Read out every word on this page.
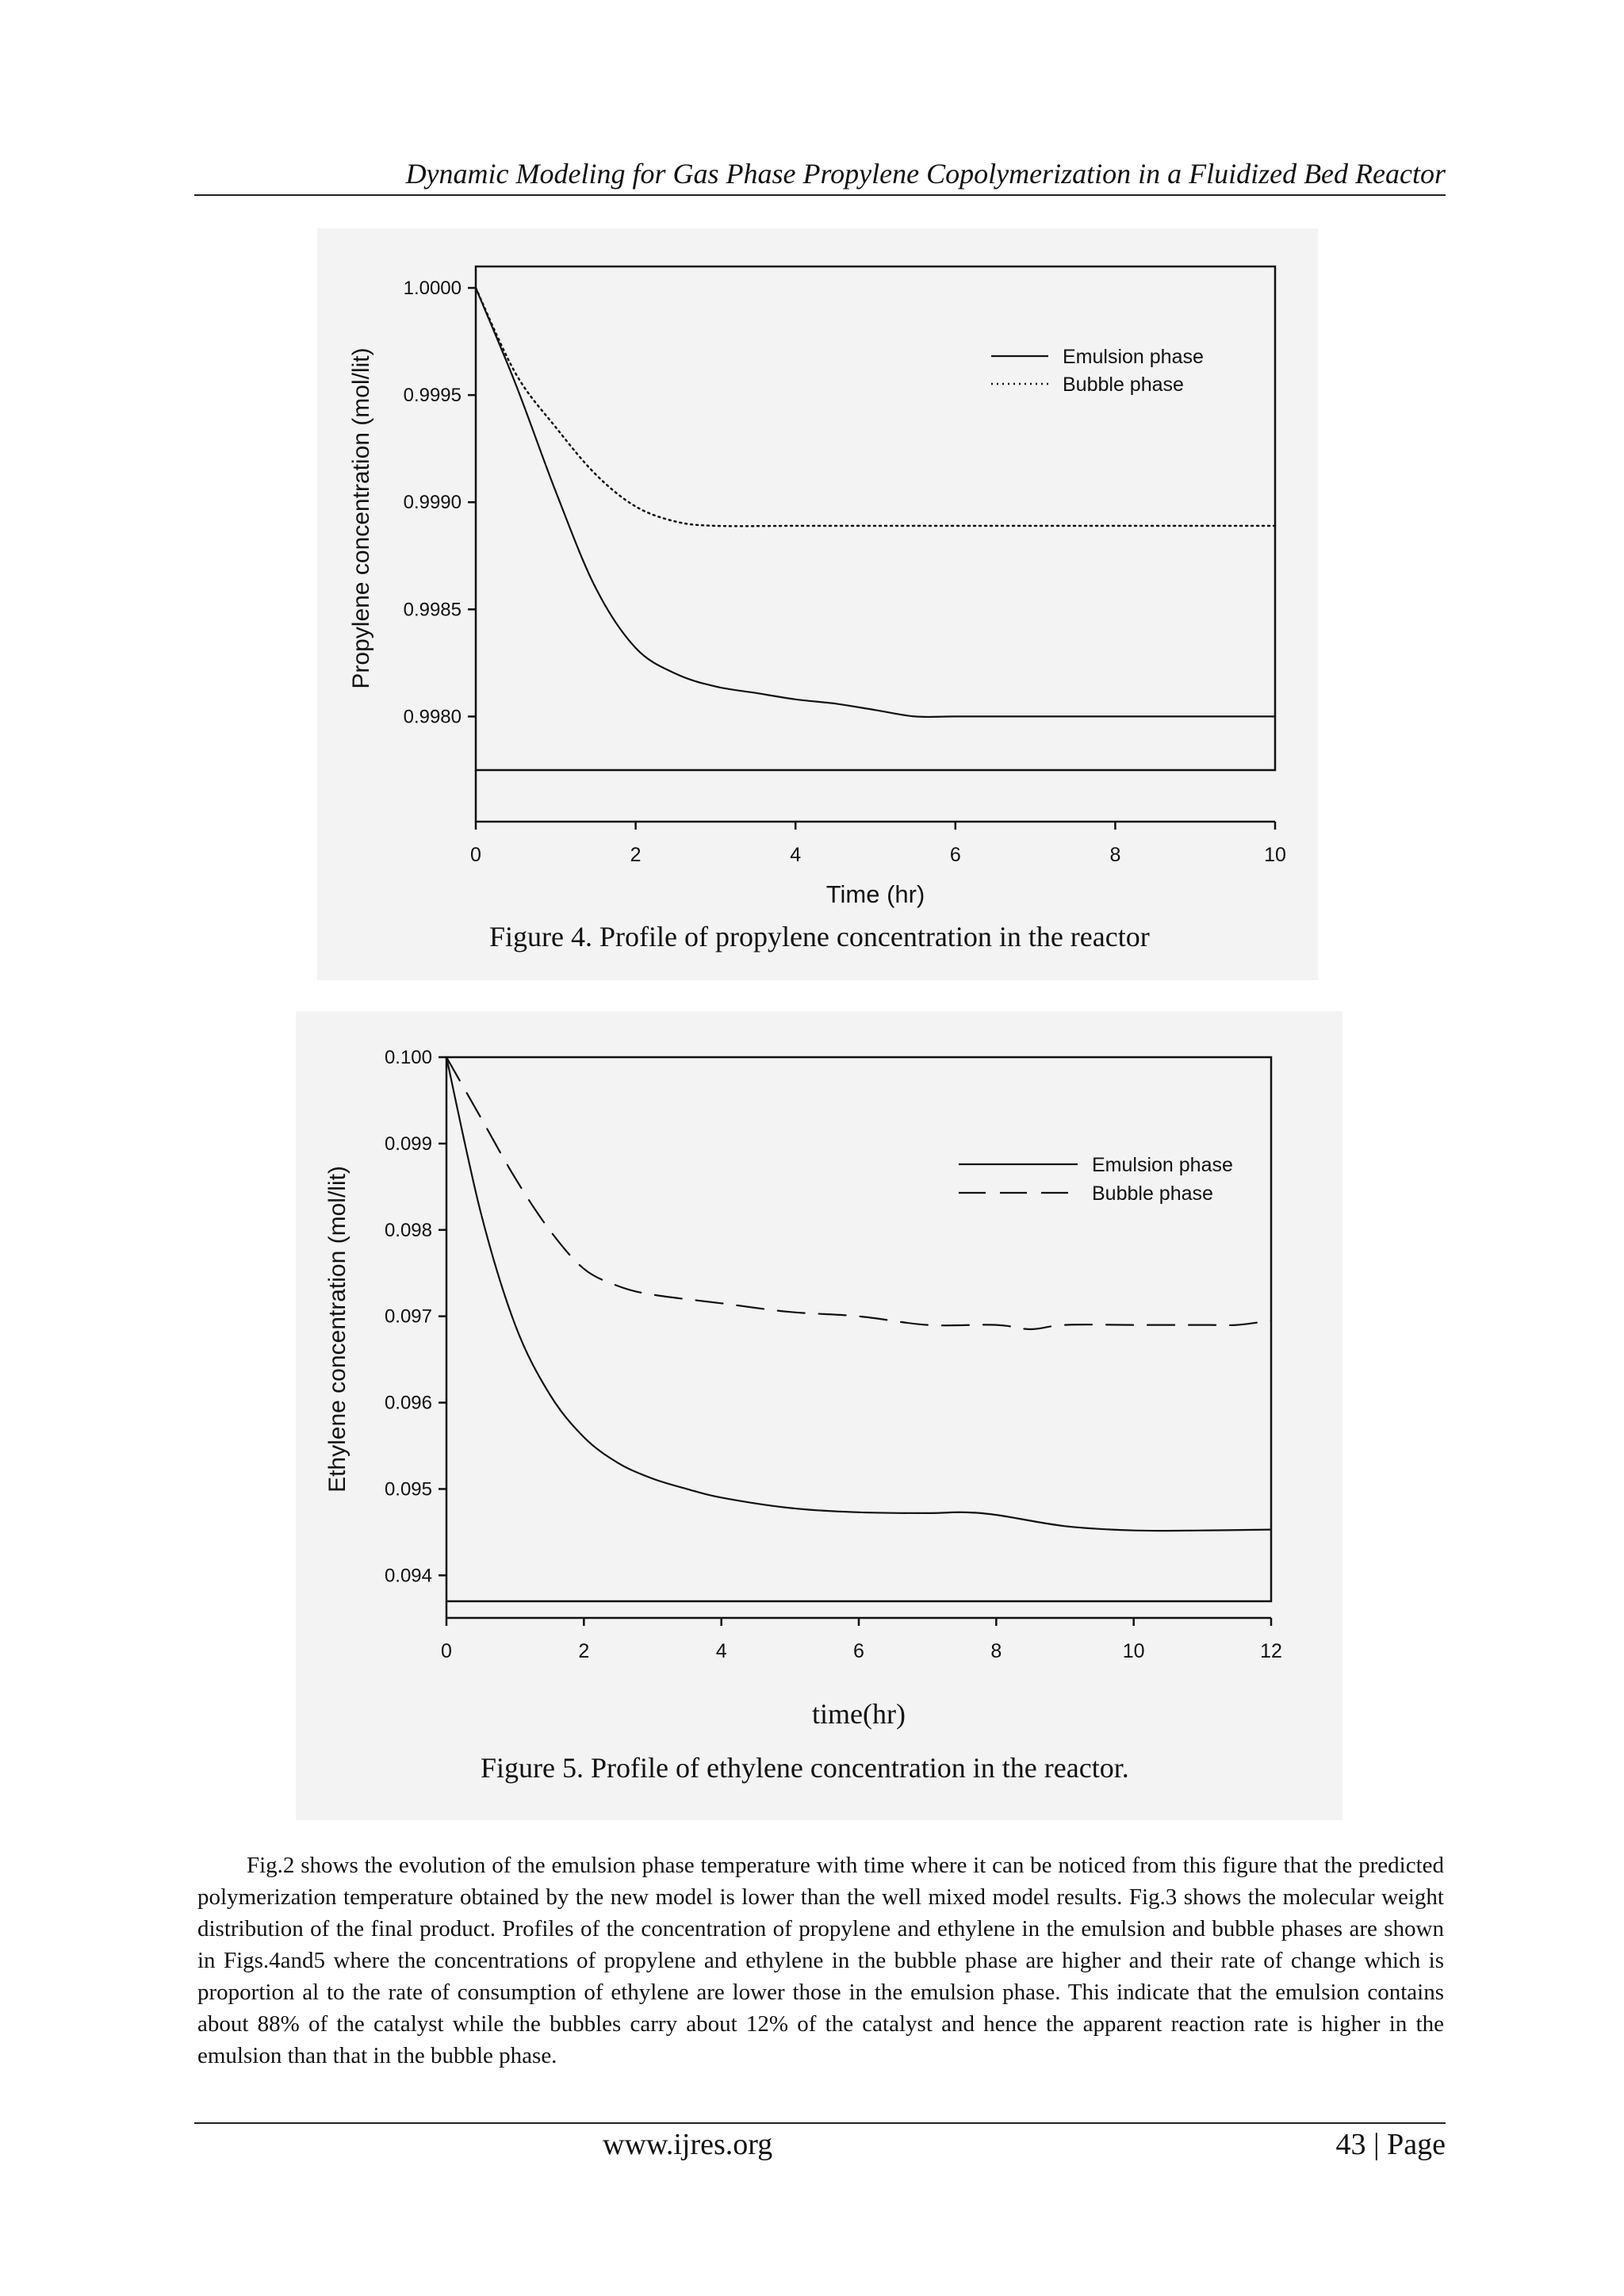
Dynamic Modeling for Gas Phase Propylene Copolymerization in a Fluidized Bed Reactor
Figure 4. Profile of propylene concentration in the reactor
0	2	4	6	8	10
0.9980
0.9985
0.9990
0.9995
1.0000
Time (hr)
Propylene concentration (mol/lit)	Emulsion phase
Bubble phase
Figure 5. Profile of ethylene concentration in the reactor.
0	2	4	6	8	10	12
0.094
0.095
0.096
0.097
0.098
0.099
0.100
time(hr)
Ethylene concentration (mol/lit)
Emulsion phase
Bubble phase
Fig.2 shows the evolution of the emulsion phase temperature with time where it can be noticed from this figure that the predicted polymerization temperature obtained by the new model is lower than the well mixed model results. Fig.3 shows the molecular weight distribution of the final product. Profiles of the concentration of propylene and ethylene in the emulsion and bubble phases are shown in Figs.4and5 where the concentrations of propylene and ethylene in the bubble phase are higher and their rate of change which is proportion al to the rate of consumption of ethylene are lower those in the emulsion phase. This indicate that the emulsion contains about 88% of the catalyst while the bubbles carry about 12% of the catalyst and hence the apparent reaction rate is higher in the emulsion than that in the bubble phase.
www.ijres.org	43 | Page
